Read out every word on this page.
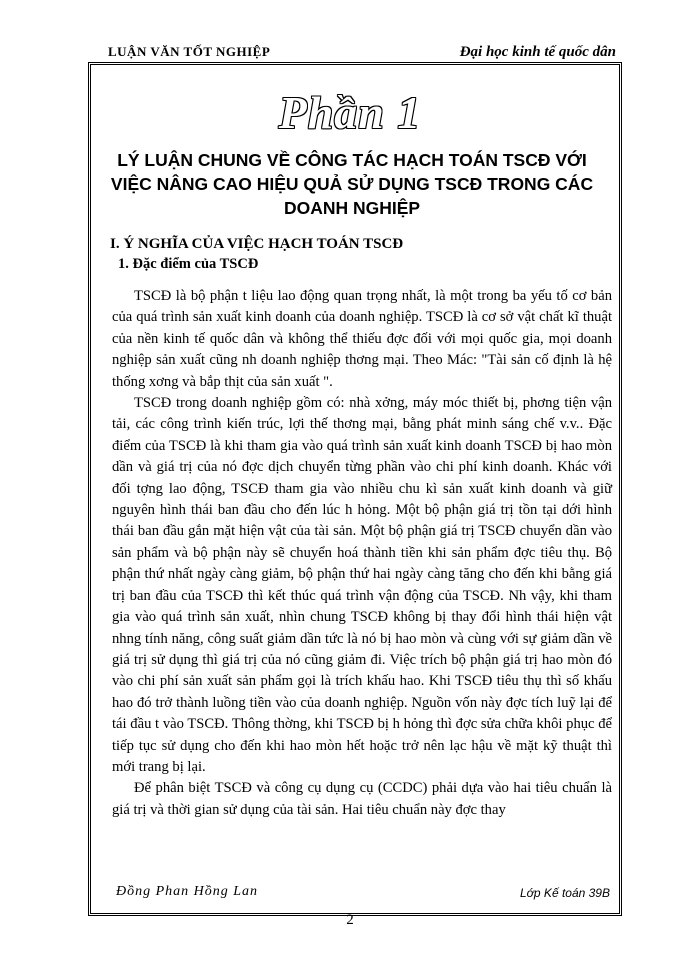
LUẬN VĂN TỐT NGHIỆP	Đại học kinh tế quốc dân
Phần 1
LÝ LUẬN CHUNG VỀ CÔNG TÁC HẠCH TOÁN TSCĐ VỚI VIỆC NÂNG CAO HIỆU QUẢ SỬ DỤNG TSCĐ TRONG CÁC DOANH NGHIỆP
I. Ý NGHĨA CỦA VIỆC HẠCH TOÁN TSCĐ
1. Đặc điểm của TSCĐ

TSCĐ là bộ phận t liệu lao động quan trọng nhất, là một trong ba yếu tố cơ bản của quá trình sản xuất kinh doanh của doanh nghiệp. TSCĐ là cơ sở vật chất kĩ thuật của nền kinh tế quốc dân và không thể thiếu đợc đối với mọi quốc gia, mọi doanh nghiệp sản xuất cũng nh doanh nghiệp thơng mại. Theo Mác: "Tài sản cố định là hệ thống xơng và bắp thịt của sản xuất ".

TSCĐ trong doanh nghiệp gồm có: nhà xởng, máy móc thiết bị, phơng tiện vận tải, các công trình kiến trúc, lợi thế thơng mại, bằng phát minh sáng chế v.v.. Đặc điểm của TSCĐ là khi tham gia vào quá trình sản xuất kinh doanh TSCĐ bị hao mòn dần và giá trị của nó đợc dịch chuyển từng phần vào chi phí kinh doanh. Khác với đối tợng lao động, TSCĐ tham gia vào nhiều chu kì sản xuất kinh doanh và giữ nguyên hình thái ban đầu cho đến lúc h hỏng. Một bộ phận giá trị tồn tại dới hình thái ban đầu gắn mặt hiện vật của tài sản. Một bộ phận giá trị TSCĐ chuyển dần vào sản phẩm và bộ phận này sẽ chuyển hoá thành tiền khi sản phẩm đợc tiêu thụ. Bộ phận thứ nhất ngày càng giảm, bộ phận thứ hai ngày càng tăng cho đến khi bằng giá trị ban đầu của TSCĐ thì kết thúc quá trình vận động của TSCĐ. Nh vậy, khi tham gia vào quá trình sản xuất, nhìn chung TSCĐ không bị thay đổi hình thái hiện vật nhng tính năng, công suất giảm dần tức là nó bị hao mòn và cùng với sự giảm dần về giá trị sử dụng thì giá trị của nó cũng giảm đi. Việc trích bộ phận giá trị hao mòn đó vào chi phí sản xuất sản phẩm gọi là trích khấu hao. Khi TSCĐ tiêu thụ thì số khấu hao đó trở thành luồng tiền vào của doanh nghiệp. Nguồn vốn này đợc tích luỹ lại để tái đầu t vào TSCĐ. Thông thờng, khi TSCĐ bị h hỏng thì đợc sửa chữa khôi phục để tiếp tục sử dụng cho đến khi hao mòn hết hoặc trở nên lạc hậu về mặt kỹ thuật thì mới trang bị lại.

Để phân biệt TSCĐ và công cụ dụng cụ (CCDC) phải dựa vào hai tiêu chuẩn là giá trị và thời gian sử dụng của tài sản. Hai tiêu chuẩn này đợc thay

Đồng Phan Hồng Lan	Lớp Kế toán 39B
2
